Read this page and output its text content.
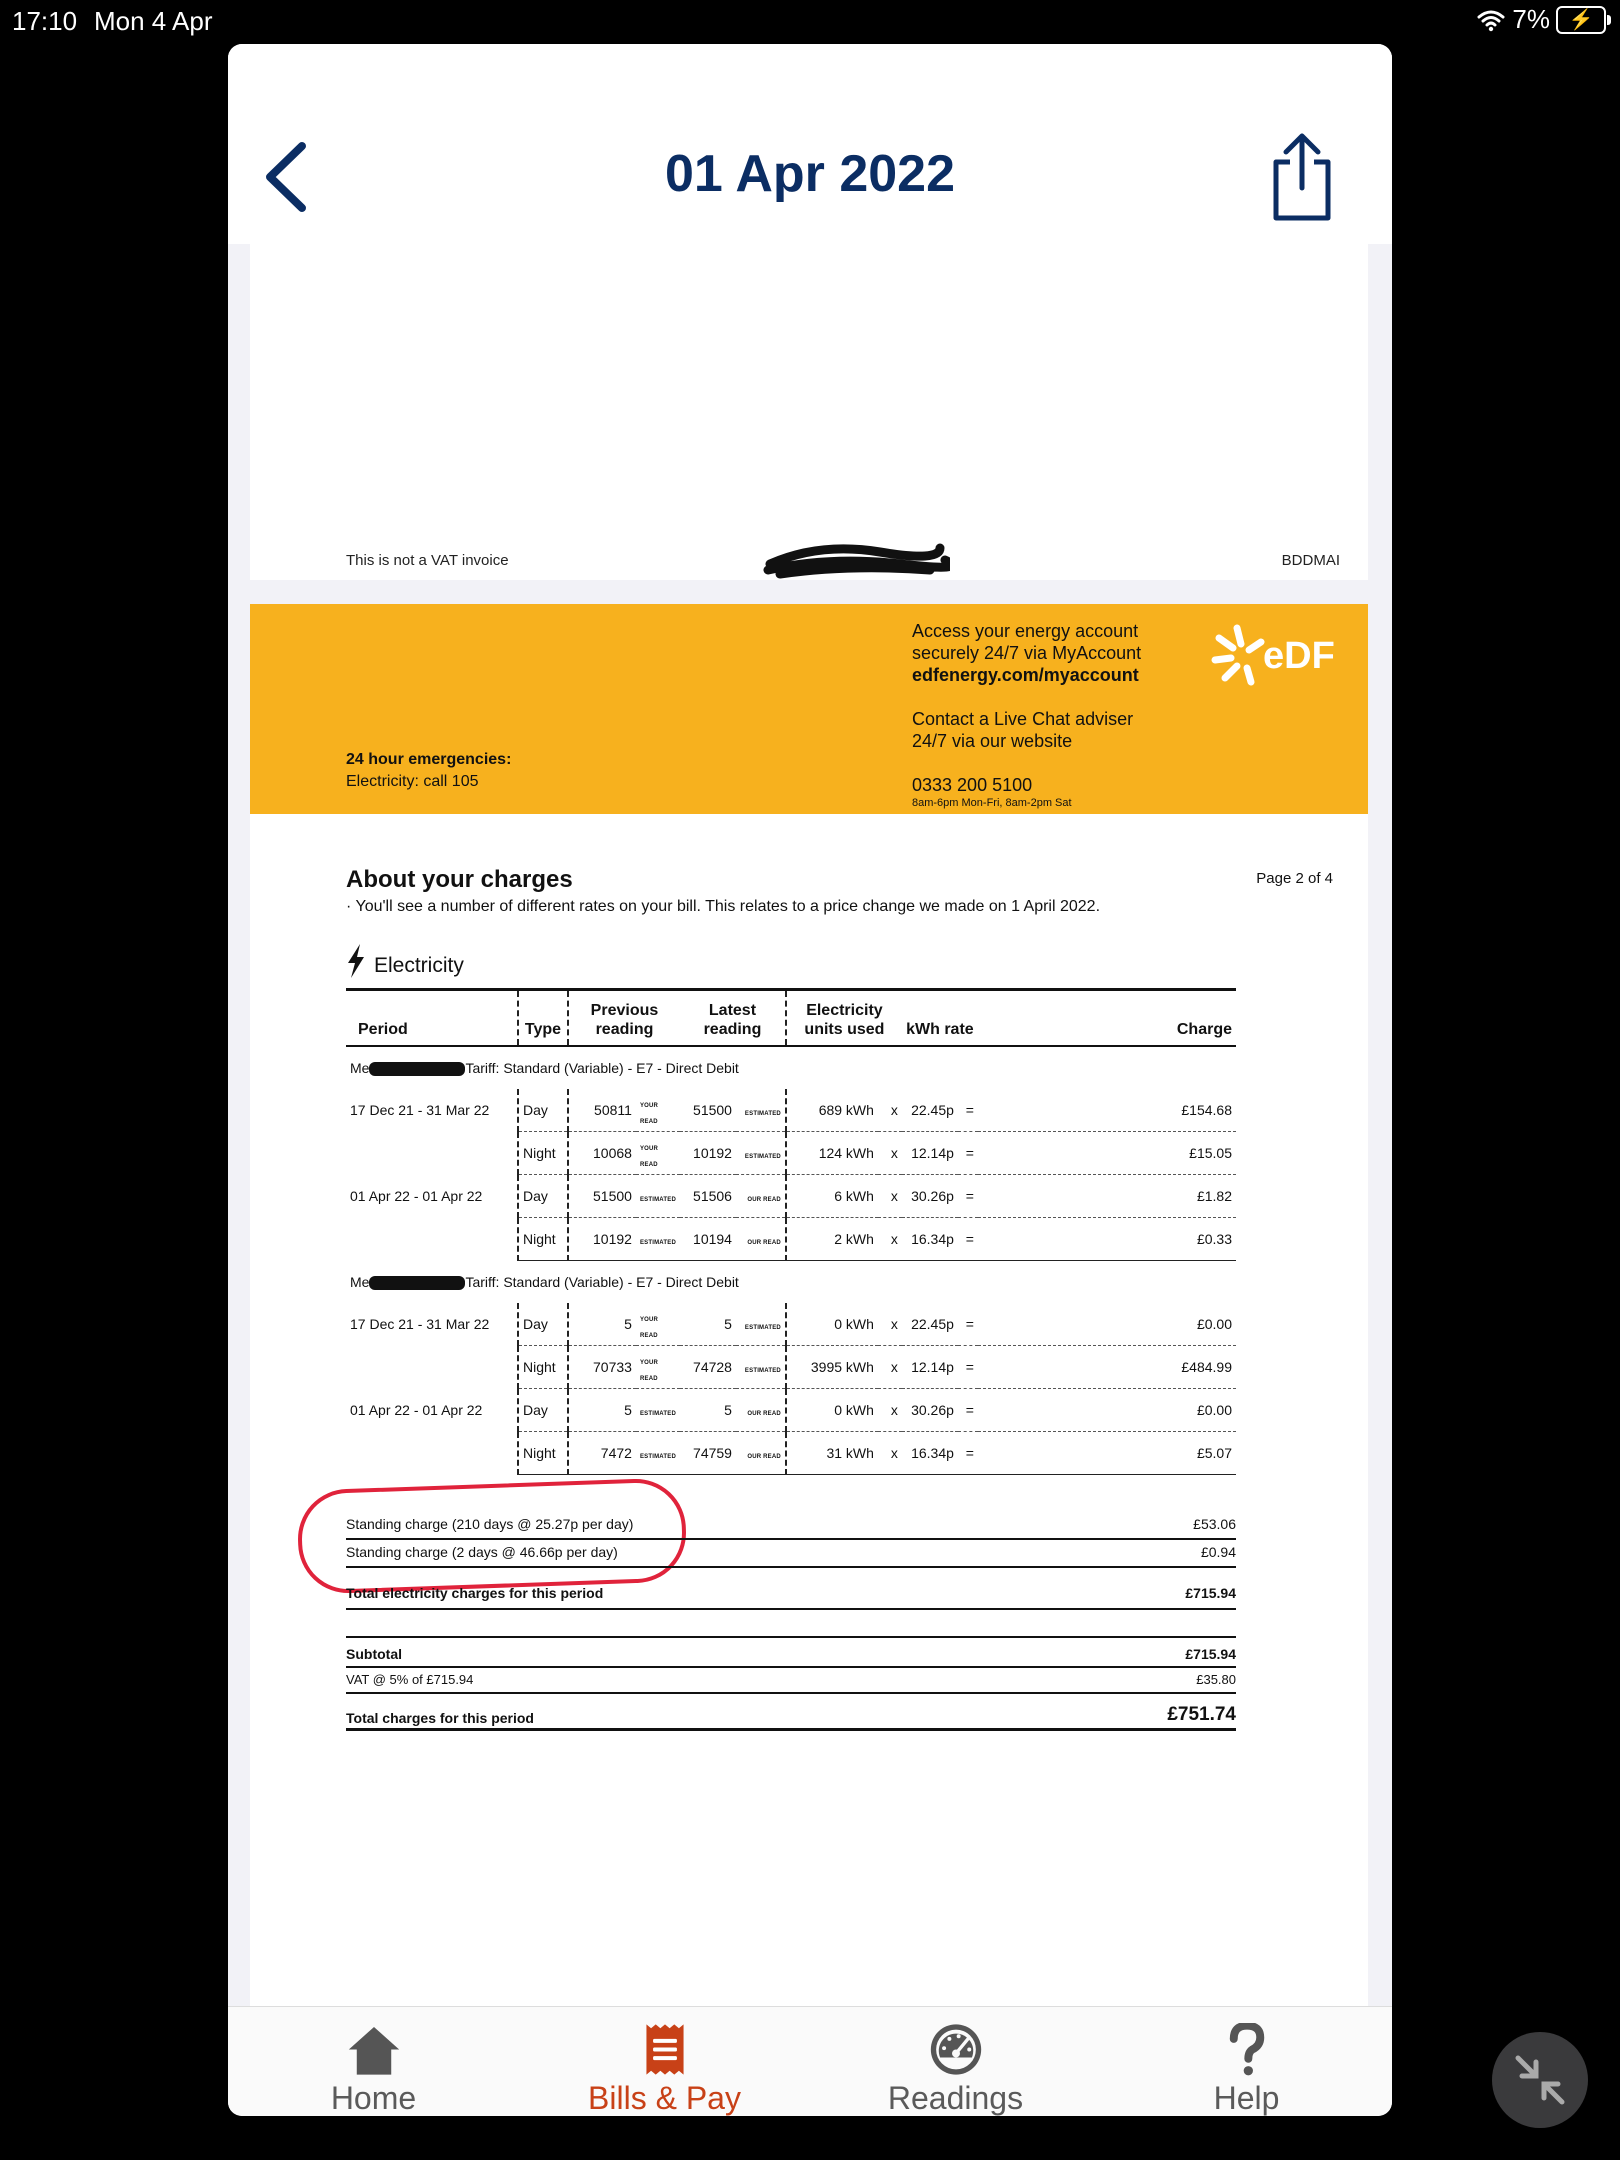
17:10 Mon 4 Apr	7% ⚡
01 Apr 2022
This is not a VAT invoice	BDDMAI
24 hour emergencies:
Electricity: call 105
Access your energy account
securely 24/7 via MyAccount
edfenergy.com/myaccount
Contact a Live Chat adviser
24/7 via our website
0333 200 5100
8am-6pm Mon-Fri, 8am-2pm Sat
eDF
About your charges	Page 2 of 4
· You'll see a number of different rates on your bill. This relates to a price change we made on 1 April 2022.
Electricity
Period	Type	Previous reading		Latest reading		Electricity units used		kWh rate		Charge
Me Tariff: Standard (Variable) - E7 - Direct Debit										
17 Dec 21 - 31 Mar 22	Day	50811	YOUR READ	51500	ESTIMATED	689 kWh	x	22.45p	=	£154.68
	Night	10068	YOUR READ	10192	ESTIMATED	124 kWh	x	12.14p	=	£15.05
01 Apr 22 - 01 Apr 22	Day	51500	ESTIMATED	51506	OUR READ	6 kWh	x	30.26p	=	£1.82
	Night	10192	ESTIMATED	10194	OUR READ	2 kWh	x	16.34p	=	£0.33
Me Tariff: Standard (Variable) - E7 - Direct Debit										
17 Dec 21 - 31 Mar 22	Day	5	YOUR READ	5	ESTIMATED	0 kWh	x	22.45p	=	£0.00
	Night	70733	YOUR READ	74728	ESTIMATED	3995 kWh	x	12.14p	=	£484.99
01 Apr 22 - 01 Apr 22	Day	5	ESTIMATED	5	OUR READ	0 kWh	x	30.26p	=	£0.00
	Night	7472	ESTIMATED	74759	OUR READ	31 kWh	x	16.34p	=	£5.07
Standing charge (210 days @ 25.27p per day)	£53.06
Standing charge (2 days @ 46.66p per day)	£0.94
Total electricity charges for this period	£715.94
Subtotal	£715.94
VAT @ 5% of £715.94	£35.80
Total charges for this period	£751.74
Home	Bills & Pay	Readings	Help
